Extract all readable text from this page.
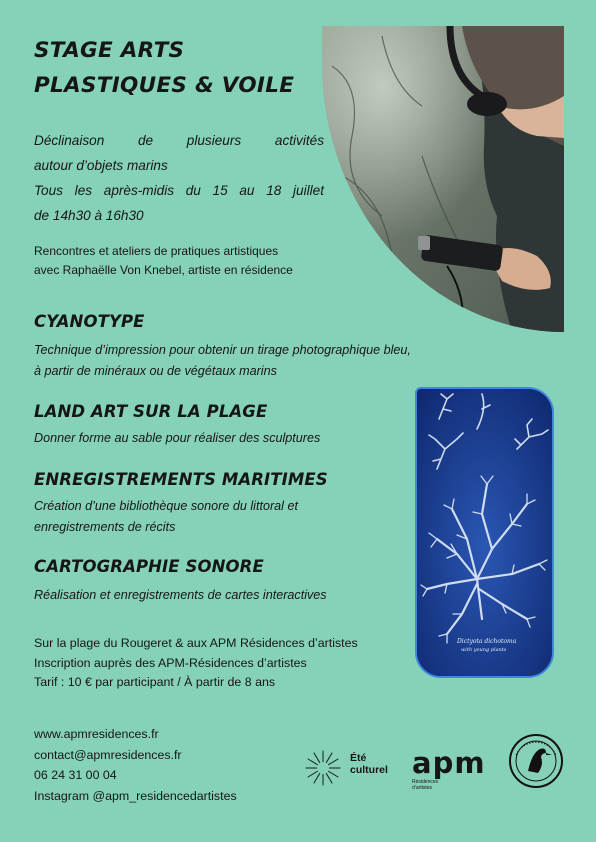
STAGE ARTS
PLASTIQUES & VOILE
Déclinaison de plusieurs activités
autour d’objets marins
Tous les après-midis du 15 au 18 juillet
de 14h30 à 16h30
Rencontres et ateliers de pratiques artistiques
avec Raphaëlle Von Knebel, artiste en résidence
CYANOTYPE
Technique d’impression pour obtenir un tirage photographique bleu,
à partir de minéraux ou de végétaux marins
LAND ART SUR LA PLAGE
Donner forme au sable pour réaliser des sculptures
ENREGISTREMENTS MARITIMES
Création d’une bibliothèque sonore du littoral et
enregistrements de récits
CARTOGRAPHIE SONORE
Réalisation et enregistrements de cartes interactives
Dictyota dichotoma
with young plants
Sur la plage du Rougeret & aux APM Résidences d’artistes
Inscription auprès des APM-Résidences d’artistes
Tarif : 10 € par participant / À partir de 8 ans
www.apmresidences.fr
contact@apmresidences.fr
06 24 31 00 04
Instagram @apm_residencedartistes
Été
culturel apm
Résidences
d’artistes
